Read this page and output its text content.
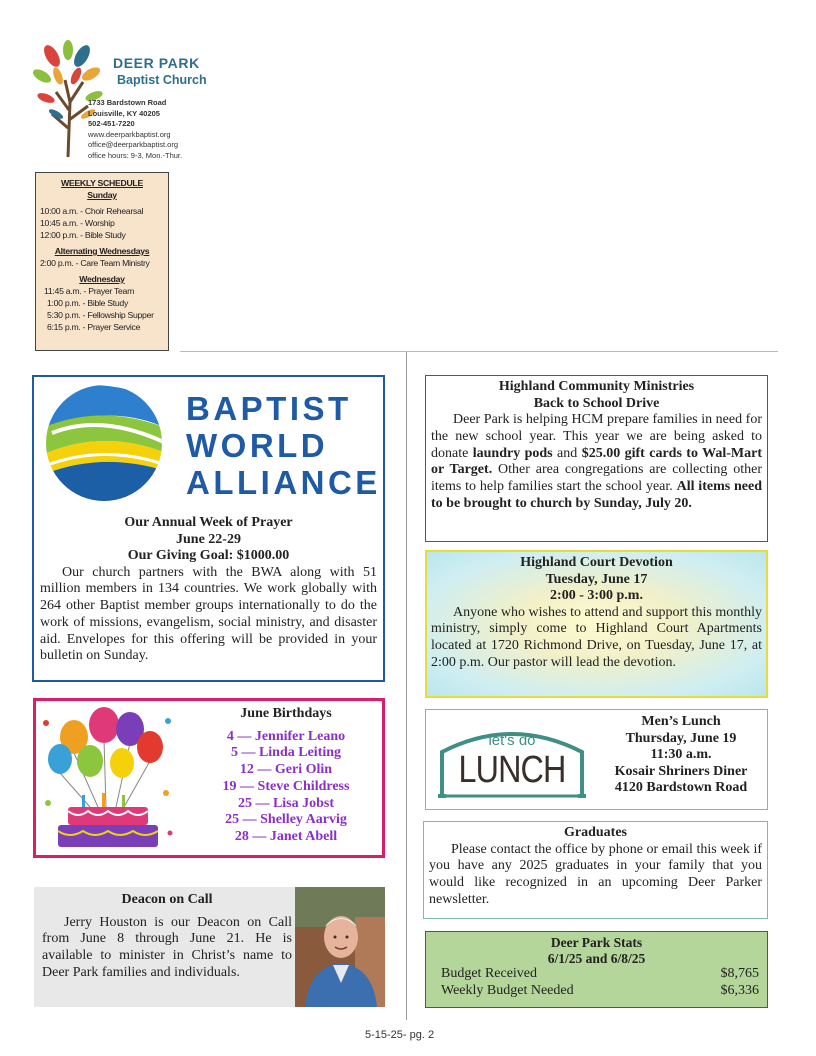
DEER PARK
Baptist Church
1733 Bardstown Road
Louisville, KY 40205
502-451-7220
www.deerparkbaptist.org
office@deerparkbaptist.org
office hours: 9-3, Mon.-Thur.
WEEKLY SCHEDULE
Sunday
10:00 a.m. - Choir Rehearsal
10:45 a.m. - Worship
12:00 p.m. - Bible Study
Alternating Wednesdays
2:00 p.m. - Care Team Ministry
Wednesday
11:45 a.m. - Prayer Team
1:00 p.m. - Bible Study
5:30 p.m. - Fellowship Supper
6:15 p.m. - Prayer Service
BAPTIST
WORLD
ALLIANCE
Our Annual Week of Prayer
June 22-29
Our Giving Goal: $1000.00
Our church partners with the BWA along with 51 million members in 134 countries. We work globally with 264 other Baptist member groups internationally to do the work of missions, evangelism, social ministry, and disaster aid. Envelopes for this offering will be provided in your bulletin on Sunday.
Highland Community Ministries
Back to School Drive
Deer Park is helping HCM prepare families in need for the new school year. This year we are being asked to donate laundry pods and $25.00 gift cards to Wal-Mart or Target. Other area congregations are collecting other items to help families start the school year. All items need to be brought to church by Sunday, July 20.
Highland Court Devotion
Tuesday, June 17
2:00 - 3:00 p.m.
Anyone who wishes to attend and support this monthly ministry, simply come to Highland Court Apartments located at 1720 Richmond Drive, on Tuesday, June 17, at 2:00 p.m. Our pastor will lead the devotion.
June Birthdays
4 — Jennifer Leano
5 — Linda Leiting
12 — Geri Olin
19 — Steve Childress
25 — Lisa Jobst
25 — Shelley Aarvig
28 — Janet Abell
let's do
LUNCH
Men’s Lunch
Thursday, June 19
11:30 a.m.
Kosair Shriners Diner
4120 Bardstown Road
Graduates
Please contact the office by phone or email this week if you have any 2025 graduates in your family that you would like recognized in an upcoming Deer Parker newsletter.
Deacon on Call
Jerry Houston is our Deacon on Call from June 8 through June 21. He is available to minister in Christ’s name to Deer Park families and individuals.
Deer Park Stats
6/1/25 and 6/8/25
Budget Received	$8,765
Weekly Budget Needed	$6,336
5-15-25- pg. 2
